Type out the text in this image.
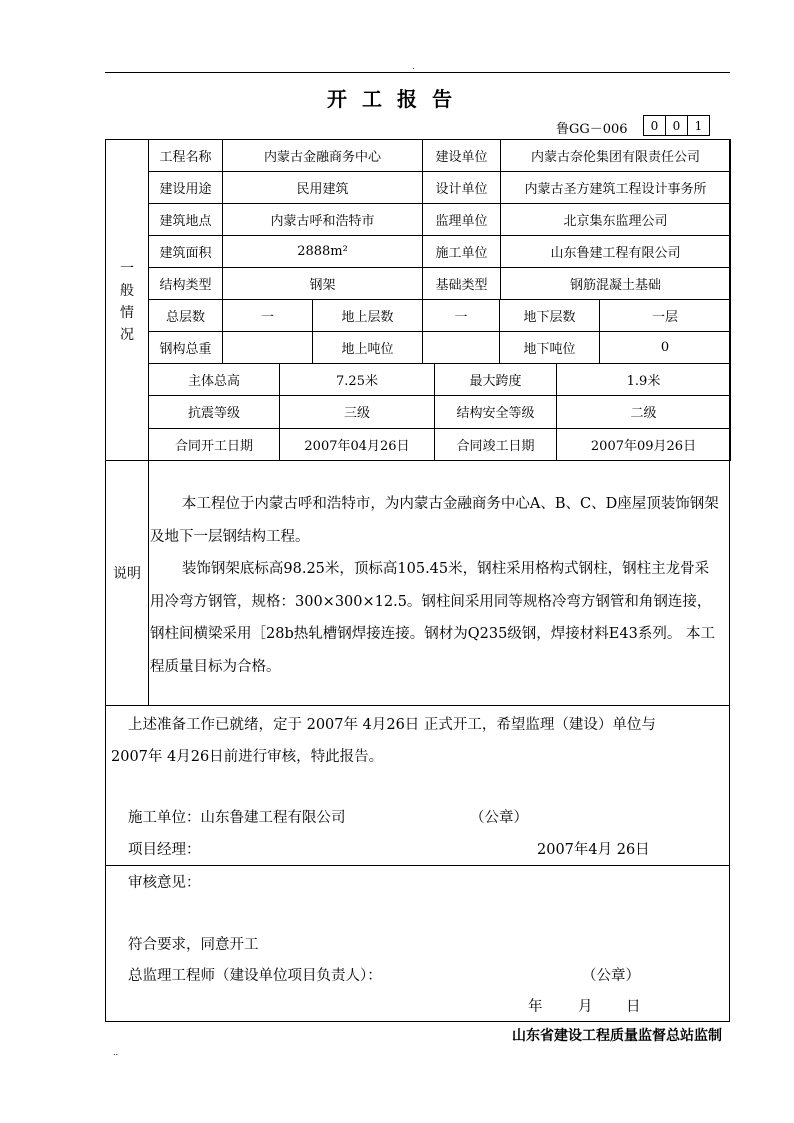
.
开工报告
鲁GG－006	0	0	1
一般情况
说明
工程名称	内蒙古金融商务中心	建设单位	内蒙古奈伦集团有限责任公司
建设用途	民用建筑	设计单位	内蒙古圣方建筑工程设计事务所
建筑地点	内蒙古呼和浩特市	监理单位	北京集东监理公司
建筑面积	2888m²	施工单位	山东鲁建工程有限公司
结构类型	钢架	基础类型	钢筋混凝土基础
总层数	一	地上层数	一	地下层数	一层
钢构总重		地上吨位		地下吨位	0
主体总高	7.25米	最大跨度	1.9米
抗震等级	三级	结构安全等级	二级
合同开工日期	2007年04月26日	合同竣工日期	2007年09月26日

本工程位于内蒙古呼和浩特市，为内蒙古金融商务中心A、B、C、D座屋顶装饰钢架及地下一层钢结构工程。

装饰钢架底标高98.25米，顶标高105.45米，钢柱采用格构式钢柱，钢柱主龙骨采用冷弯方钢管，规格：300×300×12.5。钢柱间采用同等规格冷弯方钢管和角钢连接，钢柱间横梁采用［28b热轧槽钢焊接连接。钢材为Q235级钢，焊接材料E43系列。 本工程质量目标为合格。

上述准备工作已就绪，定于 2007年 4月26日 正式开工，希望监理（建设）单位与
2007年 4月26日前进行审核，特此报告。
施工单位：山东鲁建工程有限公司	（公章）
项目经理：	2007年4月 26日
审核意见：
符合要求，同意开工
总监理工程师（建设单位项目负责人）：	（公章）
年 月 日
山东省建设工程质量监督总站监制
..
